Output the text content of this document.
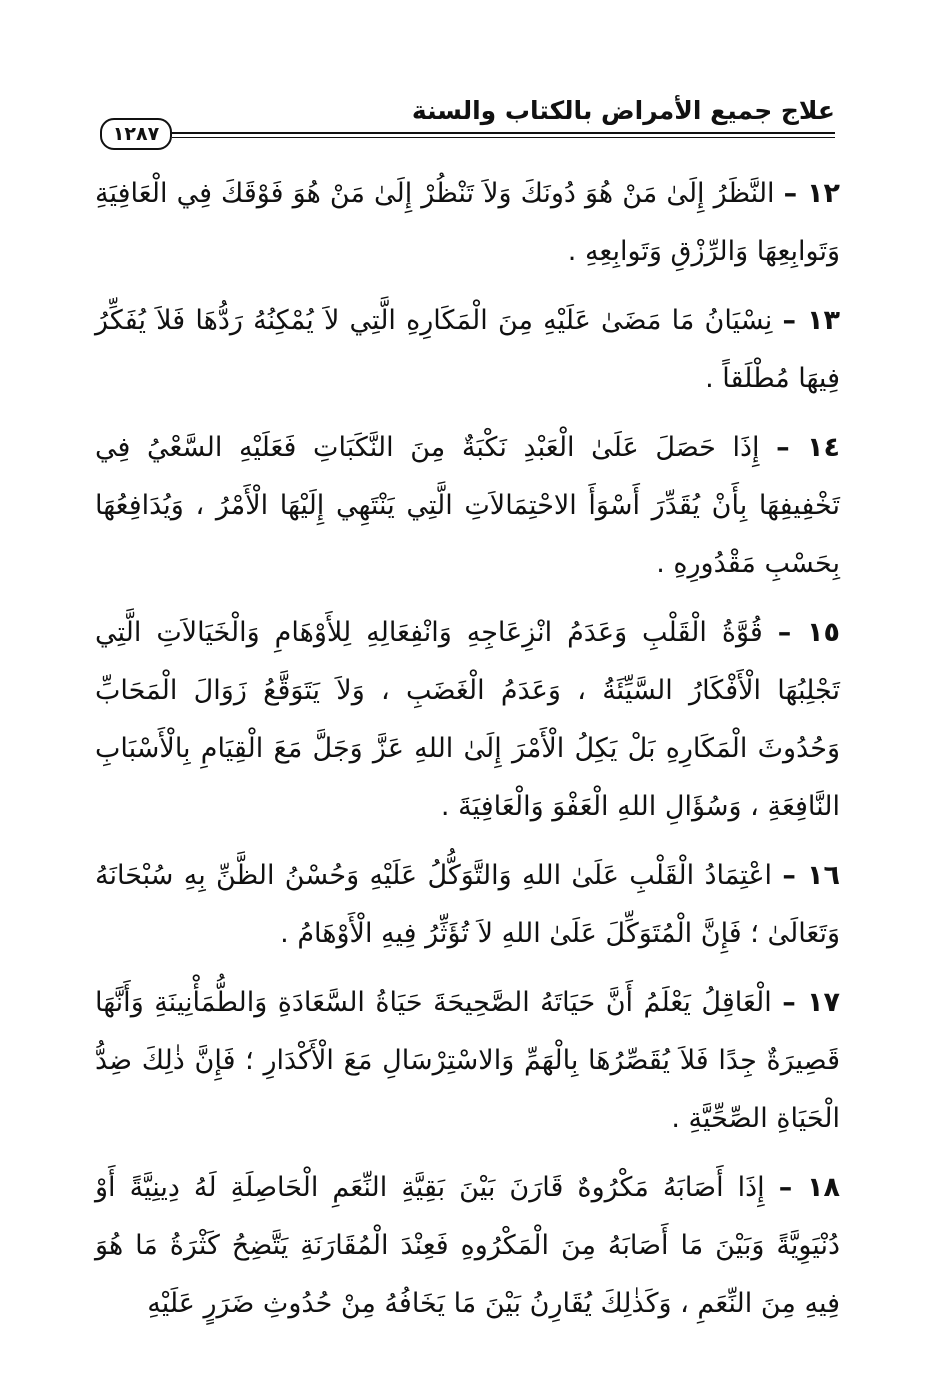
علاج جميع الأمراض بالكتاب والسنة
١٢٨٧

١٢ – النَّظَرُ إِلَىٰ مَنْ هُوَ دُونَكَ وَلاَ تَنْظُرْ إِلَىٰ مَنْ هُوَ فَوْقَكَ فِي الْعَافِيَةِ وَتَوابِعِهَا وَالرِّزْقِ وَتَوابِعِهِ .

١٣ – نِسْيَانُ مَا مَضَىٰ عَلَيْهِ مِنَ الْمَكَارِهِ الَّتِي لاَ يُمْكِنُهُ رَدُّهَا فَلاَ يُفَكِّرُ فِيهَا مُطْلَقاً .

١٤ – إِذَا حَصَلَ عَلَىٰ الْعَبْدِ نَكْبَةٌ مِنَ النَّكَبَاتِ فَعَلَيْهِ السَّعْيُ فِي تَخْفِيفِهَا بِأَنْ يُقَدِّرَ أَسْوَأَ الاحْتِمَالاَتِ الَّتِي يَنْتَهِي إِلَيْهَا الْأَمْرُ ، وَيُدَافِعُهَا بِحَسْبِ مَقْدُورِهِ .

١٥ – قُوَّةُ الْقَلْبِ وَعَدَمُ انْزِعَاجِهِ وَانْفِعَالِهِ لِلأَوْهَامِ وَالْخَيَالاَتِ الَّتِي تَجْلِبُهَا الْأَفْكَارُ السَّيِّئَةُ ، وَعَدَمُ الْغَضَبِ ، وَلاَ يَتَوَقَّعُ زَوَالَ الْمَحَابِّ وَحُدُوثَ الْمَكَارِهِ بَلْ يَكِلُ الْأَمْرَ إِلَىٰ اللهِ عَزَّ وَجَلَّ مَعَ الْقِيَامِ بِالْأَسْبَابِ النَّافِعَةِ ، وَسُؤَالِ اللهِ الْعَفْوَ وَالْعَافِيَةَ .

١٦ – اعْتِمَادُ الْقَلْبِ عَلَىٰ اللهِ وَالتَّوَكُّلُ عَلَيْهِ وَحُسْنُ الظَّنِّ بِهِ سُبْحَانَهُ وَتَعَالَىٰ ؛ فَإِنَّ الْمُتَوَكِّلَ عَلَىٰ اللهِ لاَ تُؤَثِّرُ فِيهِ الْأَوْهَامُ .

١٧ – الْعَاقِلُ يَعْلَمُ أَنَّ حَيَاتَهُ الصَّحِيحَةَ حَيَاةُ السَّعَادَةِ وَالطُّمَأْنِينَةِ وَأَنَّهَا قَصِيرَةٌ جِدًا فَلاَ يُقَصِّرُهَا بِالْهَمِّ وَالاسْتِرْسَالِ مَعَ الْأَكْدَارِ ؛ فَإِنَّ ذٰلِكَ ضِدُّ الْحَيَاةِ الصِّحِّيَّةِ .

١٨ – إِذَا أَصَابَهُ مَكْرُوهٌ قَارَنَ بَيْنَ بَقِيَّةِ النِّعَمِ الْحَاصِلَةِ لَهُ دِينِيَّةً أَوْ دُنْيَوِيَّةً وَبَيْنَ مَا أَصَابَهُ مِنَ الْمَكْرُوهِ فَعِنْدَ الْمُقَارَنَةِ يَتَّضِحُ كَثْرَةُ مَا هُوَ فِيهِ مِنَ النِّعَمِ ، وَكَذٰلِكَ يُقَارِنُ بَيْنَ مَا يَخَافُهُ مِنْ حُدُوثِ ضَرَرٍ عَلَيْهِ
